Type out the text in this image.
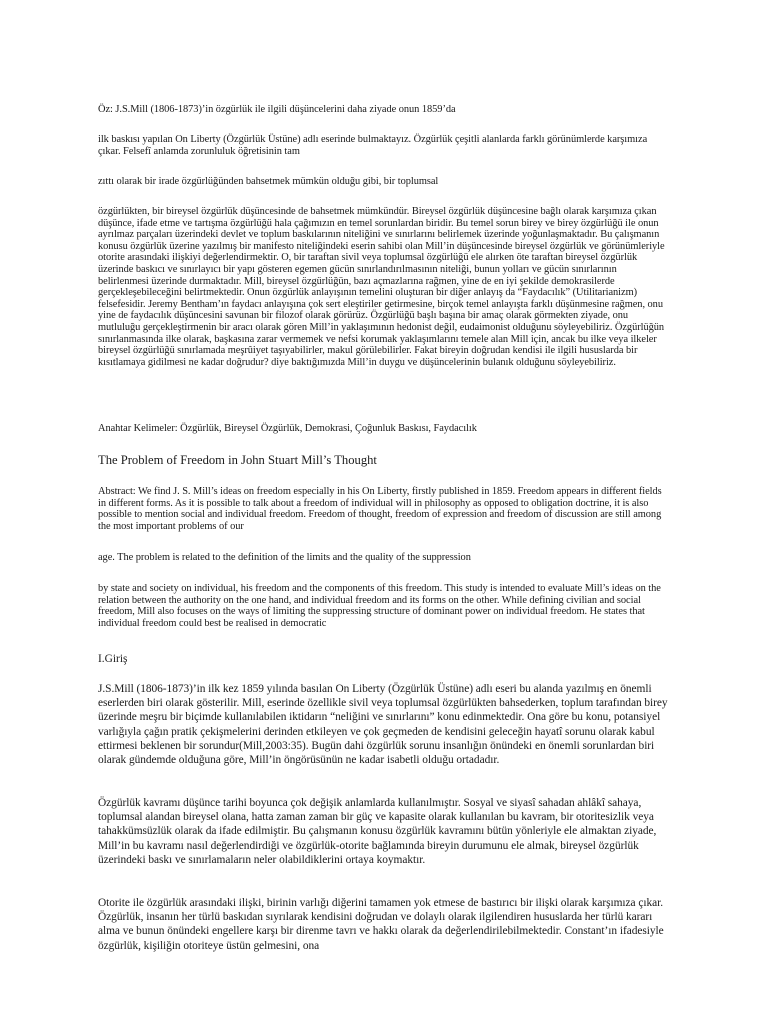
Öz: J.S.Mill (1806-1873)’in özgürlük ile ilgili düşüncelerini daha ziyade onun 1859’da

ilk baskısı yapılan On Liberty (Özgürlük Üstüne) adlı eserinde bulmaktayız. Özgürlük çeşitli alanlarda farklı görünümlerde karşımıza çıkar. Felsefî anlamda zorunluluk öğretisinin tam

zıttı olarak bir irade özgürlüğünden bahsetmek mümkün olduğu gibi, bir toplumsal

özgürlükten, bir bireysel özgürlük düşüncesinde de bahsetmek mümkündür. Bireysel özgürlük düşüncesine bağlı olarak karşımıza çıkan düşünce, ifade etme ve tartışma özgürlüğü hala çağımızın en temel sorunlardan biridir. Bu temel sorun birey ve birey özgürlüğü ile onun ayrılmaz parçaları üzerindeki devlet ve toplum baskılarının niteliğini ve sınırlarını belirlemek üzerinde yoğunlaşmaktadır. Bu çalışmanın konusu özgürlük üzerine yazılmış bir manifesto niteliğindeki eserin sahibi olan Mill’in düşüncesinde bireysel özgürlük ve görünümleriyle otorite arasındaki ilişkiyi değerlendirmektir. O, bir taraftan sivil veya toplumsal özgürlüğü ele alırken öte taraftan bireysel özgürlük üzerinde baskıcı ve sınırlayıcı bir yapı gösteren egemen gücün sınırlandırılmasının niteliği, bunun yolları ve gücün sınırlarının belirlenmesi üzerinde durmaktadır. Mill, bireysel özgürlüğün, bazı açmazlarına rağmen, yine de en iyi şekilde demokrasilerde gerçekleşebileceğini belirtmektedir. Onun özgürlük anlayışının temelini oluşturan bir diğer anlayış da “Faydacılık” (Utilitarianizm) felsefesidir. Jeremy Bentham’ın faydacı anlayışına çok sert eleştiriler getirmesine, birçok temel anlayışta farklı düşünmesine rağmen, onu yine de faydacılık düşüncesini savunan bir filozof olarak görürüz. Özgürlüğü başlı başına bir amaç olarak görmekten ziyade, onu mutluluğu gerçekleştirmenin bir aracı olarak gören Mill’in yaklaşımının hedonist değil, eudaimonist olduğunu söyleyebiliriz. Özgürlüğün sınırlanmasında ilke olarak, başkasına zarar vermemek ve nefsi korumak yaklaşımlarını temele alan Mill için, ancak bu ilke veya ilkeler bireysel özgürlüğü sınırlamada meşrûiyet taşıyabilirler, makul görülebilirler. Fakat bireyin doğrudan kendisi ile ilgili hususlarda bir kısıtlamaya gidilmesi ne kadar doğrudur? diye baktığımızda Mill’in duygu ve düşüncelerinin bulanık olduğunu söyleyebiliriz.

Anahtar Kelimeler: Özgürlük, Bireysel Özgürlük, Demokrasi, Çoğunluk Baskısı, Faydacılık

The Problem of Freedom in John Stuart Mill’s Thought

Abstract: We find J. S. Mill’s ideas on freedom especially in his On Liberty, firstly published in 1859. Freedom appears in different fields in different forms. As it is possible to talk about a freedom of individual will in philosophy as opposed to obligation doctrine, it is also possible to mention social and individual freedom. Freedom of thought, freedom of expression and freedom of discussion are still among the most important problems of our

age. The problem is related to the definition of the limits and the quality of the suppression

by state and society on individual, his freedom and the components of this freedom. This study is intended to evaluate Mill’s ideas on the relation between the authority on the one hand, and individual freedom and its forms on the other. While defining civilian and social freedom, Mill also focuses on the ways of limiting the suppressing structure of dominant power on individual freedom. He states that individual freedom could best be realised in democratic

I.Giriş

J.S.Mill (1806-1873)’in ilk kez 1859 yılında basılan On Liberty (Özgürlük Üstüne) adlı eseri bu alanda yazılmış en önemli eserlerden biri olarak gösterilir. Mill, eserinde özellikle sivil veya toplumsal özgürlükten bahsederken, toplum tarafından birey üzerinde meşru bir biçimde kullanılabilen iktidarın “neliğini ve sınırlarını” konu edinmektedir. Ona göre bu konu, potansiyel varlığıyla çağın pratik çekişmelerini derinden etkileyen ve çok geçmeden de kendisini geleceğin hayatî sorunu olarak kabul ettirmesi beklenen bir sorundur(Mill,2003:35). Bugün dahi özgürlük sorunu insanlığın önündeki en önemli sorunlardan biri olarak gündemde olduğuna göre, Mill’in öngörüsünün ne kadar isabetli olduğu ortadadır.

Özgürlük kavramı düşünce tarihi boyunca çok değişik anlamlarda kullanılmıştır. Sosyal ve siyasî sahadan ahlâkî sahaya, toplumsal alandan bireysel olana, hatta zaman zaman bir güç ve kapasite olarak kullanılan bu kavram, bir otoritesizlik veya tahakkümsüzlük olarak da ifade edilmiştir. Bu çalışmanın konusu özgürlük kavramını bütün yönleriyle ele almaktan ziyade, Mill’in bu kavramı nasıl değerlendirdiği ve özgürlük-otorite bağlamında bireyin durumunu ele almak, bireysel özgürlük üzerindeki baskı ve sınırlamaların neler olabildiklerini ortaya koymaktır.

Otorite ile özgürlük arasındaki ilişki, birinin varlığı diğerini tamamen yok etmese de bastırıcı bir ilişki olarak karşımıza çıkar. Özgürlük, insanın her türlü baskıdan sıyrılarak kendisini doğrudan ve dolaylı olarak ilgilendiren hususlarda her türlü kararı alma ve bunun önündeki engellere karşı bir direnme tavrı ve hakkı olarak da değerlendirilebilmektedir. Constant’ın ifadesiyle özgürlük, kişiliğin otoriteye üstün gelmesini, ona
